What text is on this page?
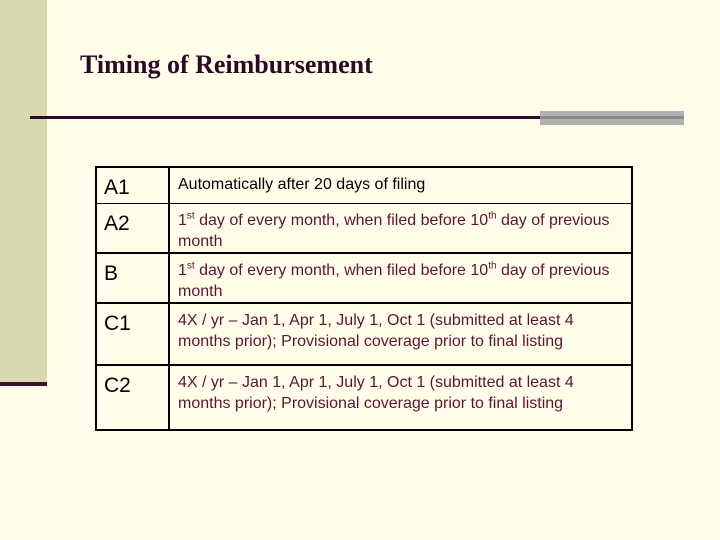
Timing of Reimbursement
A1	Automatically after 20 days of filing
A2	1st day of every month, when filed before 10th day of previous month
B	1st day of every month, when filed before 10th day of previous month
C1	4X / yr – Jan 1, Apr 1, July 1, Oct 1 (submitted at least 4 months prior); Provisional coverage prior to final listing
C2	4X / yr – Jan 1, Apr 1, July 1, Oct 1 (submitted at least 4 months prior); Provisional coverage prior to final listing
